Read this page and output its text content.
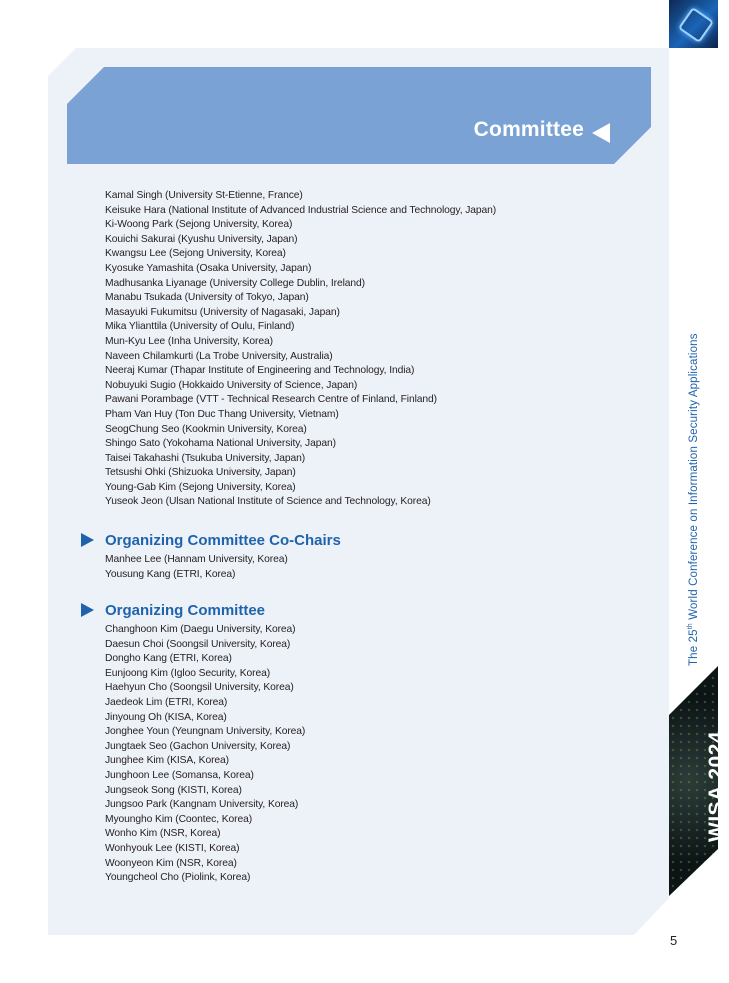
Committee
Kamal Singh (University St-Etienne, France)
Keisuke Hara (National Institute of Advanced Industrial Science and Technology, Japan)
Ki-Woong Park (Sejong University, Korea)
Kouichi Sakurai (Kyushu University, Japan)
Kwangsu Lee (Sejong University, Korea)
Kyosuke Yamashita (Osaka University, Japan)
Madhusanka Liyanage (University College Dublin, Ireland)
Manabu Tsukada (University of Tokyo, Japan)
Masayuki Fukumitsu (University of Nagasaki, Japan)
Mika Ylianttila (University of Oulu, Finland)
Mun-Kyu Lee (Inha University, Korea)
Naveen Chilamkurti (La Trobe University, Australia)
Neeraj Kumar (Thapar Institute of Engineering and Technology, India)
Nobuyuki Sugio (Hokkaido University of Science, Japan)
Pawani Porambage (VTT - Technical Research Centre of Finland, Finland)
Pham Van Huy (Ton Duc Thang University, Vietnam)
SeogChung Seo (Kookmin University, Korea)
Shingo Sato (Yokohama National University, Japan)
Taisei Takahashi (Tsukuba University, Japan)
Tetsushi Ohki (Shizuoka University, Japan)
Young-Gab Kim (Sejong University, Korea)
Yuseok Jeon (Ulsan National Institute of Science and Technology, Korea)
Organizing Committee Co-Chairs
Manhee Lee (Hannam University, Korea)
Yousung Kang (ETRI, Korea)
Organizing Committee
Changhoon Kim (Daegu University, Korea)
Daesun Choi (Soongsil University, Korea)
Dongho Kang (ETRI, Korea)
Eunjoong Kim (Igloo Security, Korea)
Haehyun Cho (Soongsil University, Korea)
Jaedeok Lim (ETRI, Korea)
Jinyoung Oh (KISA, Korea)
Jonghee Youn (Yeungnam University, Korea)
Jungtaek Seo (Gachon University, Korea)
Junghee Kim (KISA, Korea)
Junghoon Lee (Somansa, Korea)
Jungseok Song (KISTI, Korea)
Jungsoo Park (Kangnam University, Korea)
Myoungho Kim (Coontec, Korea)
Wonho Kim (NSR, Korea)
Wonhyouk Lee (KISTI, Korea)
Woonyeon Kim (NSR, Korea)
Youngcheol Cho (Piolink, Korea)
The 25th World Conference on Information Security Applications
WISA 2024
5
